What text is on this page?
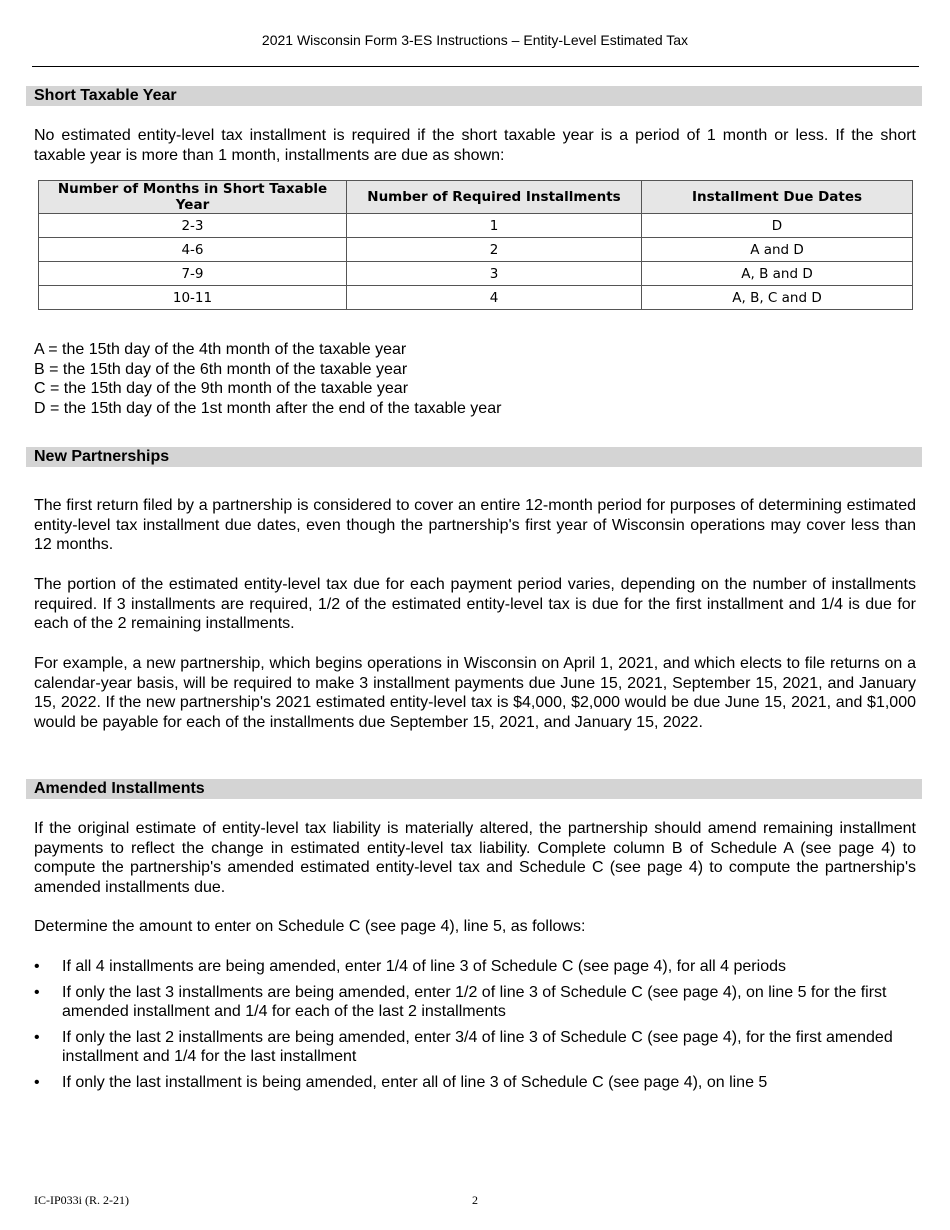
2021 Wisconsin Form 3-ES Instructions – Entity-Level Estimated Tax
Short Taxable Year

No estimated entity-level tax installment is required if the short taxable year is a period of 1 month or less. If the short taxable year is more than 1 month, installments are due as shown:

Number of Months in Short Taxable Year	Number of Required Installments	Installment Due Dates
2-3	1	D
4-6	2	A and D
7-9	3	A, B and D
10-11	4	A, B, C and D
A = the 15th day of the 4th month of the taxable year
B = the 15th day of the 6th month of the taxable year
C = the 15th day of the 9th month of the taxable year
D = the 15th day of the 1st month after the end of the taxable year
New Partnerships

The first return filed by a partnership is considered to cover an entire 12-month period for purposes of determining estimated entity-level tax installment due dates, even though the partnership's first year of Wisconsin operations may cover less than 12 months.

The portion of the estimated entity-level tax due for each payment period varies, depending on the number of installments required. If 3 installments are required, 1/2 of the estimated entity-level tax is due for the first installment and 1/4 is due for each of the 2 remaining installments.

For example, a new partnership, which begins operations in Wisconsin on April 1, 2021, and which elects to file returns on a calendar-year basis, will be required to make 3 installment payments due June 15, 2021, September 15, 2021, and January 15, 2022. If the new partnership's 2021 estimated entity-level tax is $4,000, $2,000 would be due June 15, 2021, and $1,000 would be payable for each of the installments due September 15, 2021, and January 15, 2022.

Amended Installments

If the original estimate of entity-level tax liability is materially altered, the partnership should amend remaining installment payments to reflect the change in estimated entity-level tax liability. Complete column B of Schedule A (see page 4) to compute the partnership's amended estimated entity-level tax and Schedule C (see page 4) to compute the partnership's amended installments due.

Determine the amount to enter on Schedule C (see page 4), line 5, as follows:

• If all 4 installments are being amended, enter 1/4 of line 3 of Schedule C (see page 4), for all 4 periods
• If only the last 3 installments are being amended, enter 1/2 of line 3 of Schedule C (see page 4), on line 5 for the first amended installment and 1/4 for each of the last 2 installments
• If only the last 2 installments are being amended, enter 3/4 of line 3 of Schedule C (see page 4), for the first amended installment and 1/4 for the last installment
• If only the last installment is being amended, enter all of line 3 of Schedule C (see page 4), on line 5
IC-IP033i (R. 2-21)	2
